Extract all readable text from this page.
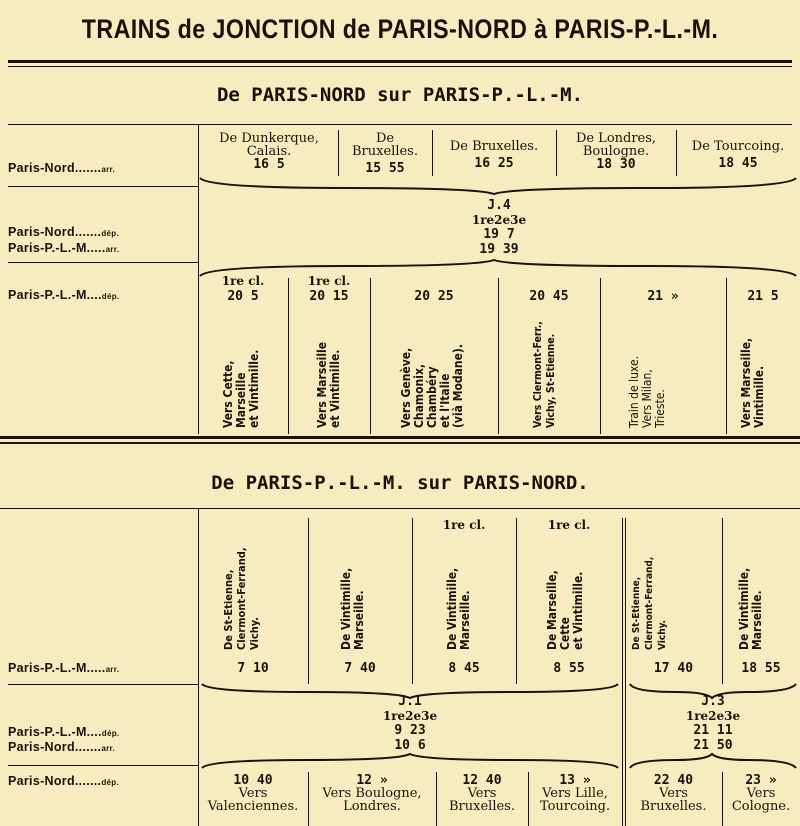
TRAINS de JONCTION de PARIS-NORD à PARIS-P.-L.-M.
De PARIS-NORD sur PARIS-P.-L.-M.
Paris-Nord.......arr.
Paris-Nord.......dép.
Paris-P.-L.-M.....arr.
Paris-P.-L.-M....dép.
De Dunkerque,
Calais.
16 5
De
Bruxelles.
15 55
De Bruxelles.
16 25
De Londres,
Boulogne.
18 30
De Tourcoing.
18 45
J.4
1re2e3e
19 7
19 39
1re cl.
20 5
Vers Cette,
Marseille
et Vintimille.
1re cl.
20 15
Vers Marseille
et Vintimille.
20 25
Vers Genève,
Chamonix,
Chambéry
et l'Italie
(vià Modane).
20 45
Vers Clermont-Ferr.,
Vichy, St-Etienne.
21 »
Train de luxe.
Vers Milan,
Trieste.
21 5
Vers Marseille,
Vintimille.
De PARIS-P.-L.-M. sur PARIS-NORD.
De St-Etienne,
Clermont-Ferrand,
Vichy.
7 10
De Vintimille,
Marseille.
7 40
1re cl.
De Vintimille,
Marseille.
8 45
1re cl.
De Marseille,
Cette
et Vintimille.
8 55
De St-Etienne,
Clermont-Ferrand,
Vichy.
17 40
De Vintimille,
Marseille.
18 55
Paris-P.-L.-M.....arr.
Paris-P.-L.-M....dép.
Paris-Nord.......arr.
Paris-Nord.......dép.
J.1
1re2e3e
9 23
10 6
J.3
1re2e3e
21 11
21 50
10 40
Vers
Valenciennes.
12 »
Vers Boulogne,
Londres.
12 40
Vers
Bruxelles.
13 »
Vers Lille,
Tourcoing.
22 40
Vers
Bruxelles.
23 »
Vers
Cologne.
